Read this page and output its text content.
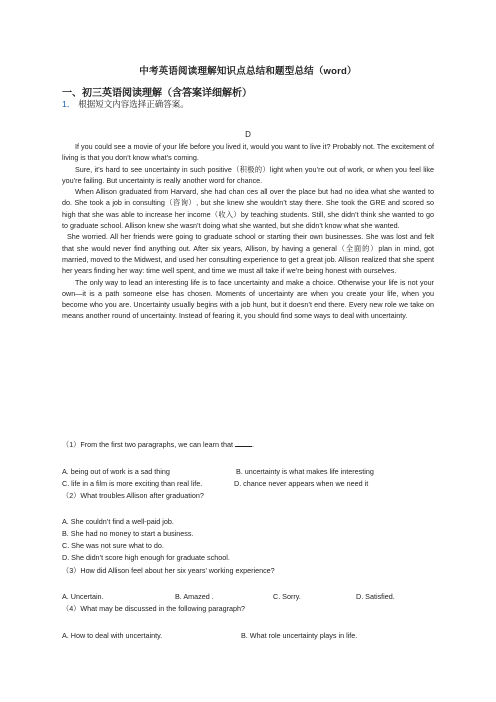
中考英语阅读理解知识点总结和题型总结（word）
一、初三英语阅读理解（含答案详细解析）
1． 根据短文内容选择正确答案。
D

If you could see a movie of your life before you lived it, would you want to live it? Probably not. The excitement of living is that you don’t know what’s coming.

Sure, it’s hard to see uncertainty in such positive（积极的）light when you’re out of work, or when you feel like you’re failing. But uncertainty is really another word for chance.

When Allison graduated from Harvard, she had chan ces all over the place but had no idea what she wanted to do. She took a job in consulting（咨询）, but she knew she wouldn’t stay there. She took the GRE and scored so high that she was able to increase her income（收入）by teaching students. Still, she didn’t think she wanted to go to graduate school. Allison knew she wasn’t doing what she wanted, but she didn’t know what she wanted.

She worried. All her friends were going to graduate school or starting their own businesses. She was lost and felt that she would never find anything out. After six years, Allison, by having a general（全面的）plan in mind, got married, moved to the Midwest, and used her consulting experience to get a great job. Allison realized that she spent her years finding her way: time well spent, and time we must all take if we’re being honest with ourselves.

The only way to lead an interesting life is to face uncertainty and make a choice. Otherwise your life is not your own—it is a path someone else has chosen. Moments of uncertainty are when you create your life, when you become who you are. Uncertainty usually begins with a job hunt, but it doesn’t end there. Every new role we take on means another round of uncertainty. Instead of fearing it, you should find some ways to deal with uncertainty.

（1）From the first two paragraphs, we can learn that .
A. being out of work is a sad thing	B. uncertainty is what makes life interesting
C. life in a film is more exciting than real life.	D. chance never appears when we need it
（2）What troubles Allison after graduation?
A. She couldn’t find a well-paid job.
B. She had no money to start a business.
C. She was not sure what to do.
D. She didn’t score high enough for graduate school.
（3）How did Allison feel about her six years’ working experience?
A. Uncertain.	B. Amazed .	C. Sorry.	D. Satisfied.
（4）What may be discussed in the following paragraph?
A. How to deal with uncertainty.	B. What role uncertainty plays in life.
